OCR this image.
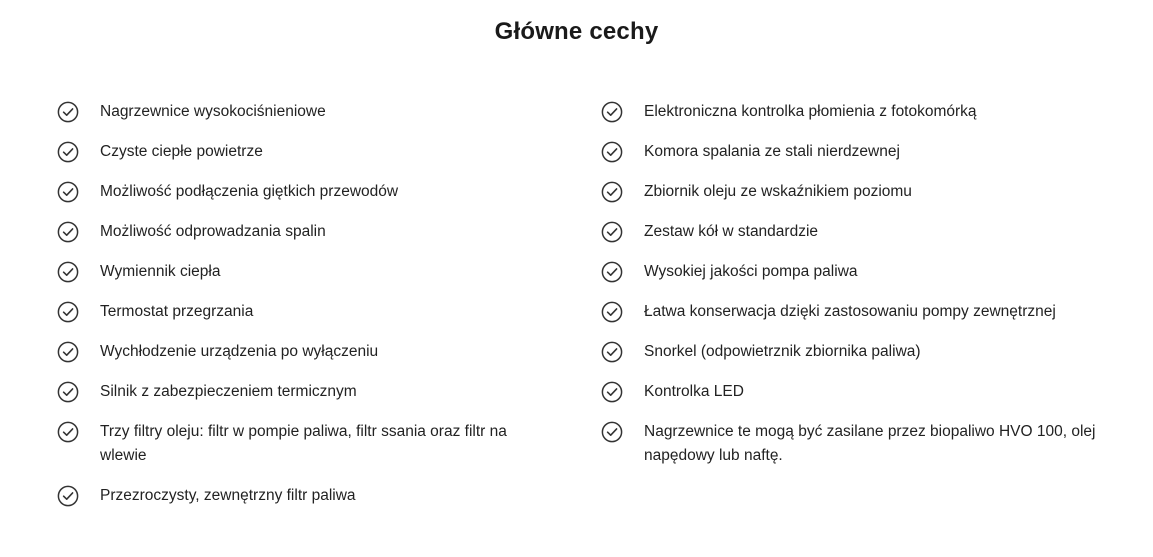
Główne cechy
Nagrzewnice wysokociśnieniowe
Czyste ciepłe powietrze
Możliwość podłączenia giętkich przewodów
Możliwość odprowadzania spalin
Wymiennik ciepła
Termostat przegrzania
Wychłodzenie urządzenia po wyłączeniu
Silnik z zabezpieczeniem termicznym
Trzy filtry oleju: filtr w pompie paliwa, filtr ssania oraz filtr na wlewie
Przezroczysty, zewnętrzny filtr paliwa
Elektroniczna kontrolka płomienia z fotokomórką
Komora spalania ze stali nierdzewnej
Zbiornik oleju ze wskaźnikiem poziomu
Zestaw kół w standardzie
Wysokiej jakości pompa paliwa
Łatwa konserwacja dzięki zastosowaniu pompy zewnętrznej
Snorkel (odpowietrznik zbiornika paliwa)
Kontrolka LED
Nagrzewnice te mogą być zasilane przez biopaliwo HVO 100, olej napędowy lub naftę.
